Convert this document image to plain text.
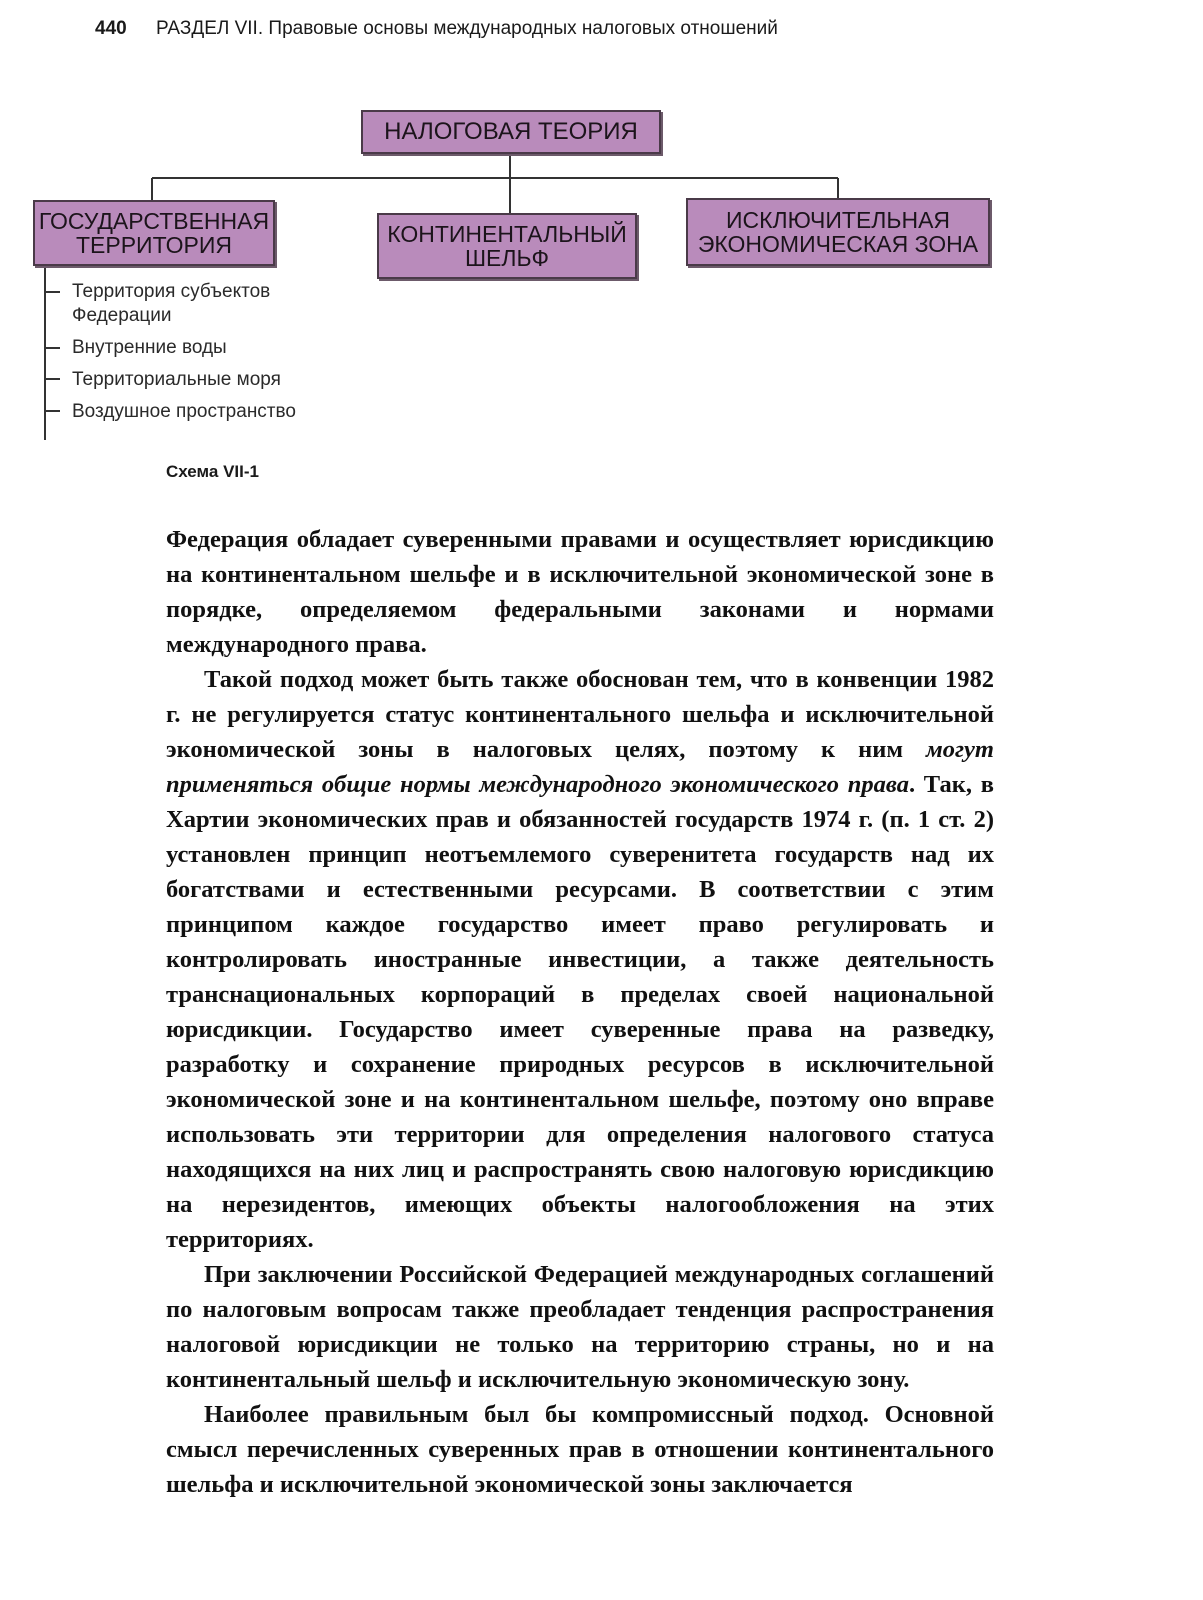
440 РАЗДЕЛ VII. Правовые основы международных налоговых отношений
НАЛОГОВАЯ ТЕОРИЯ
ГОСУДАРСТВЕННАЯ
ТЕРРИТОРИЯ	КОНТИНЕНТАЛЬНЫЙ
ШЕЛЬФ
ИСКЛЮЧИТЕЛЬНАЯ
ЭКОНОМИЧЕСКАЯ ЗОНА
Территория субъектов Федерации
Внутренние воды
Территориальные моря
Воздушное пространство
Схема VII-1

Федерация обладает суверенными правами и осуществляет юрисдикцию на континентальном шельфе и в исключительной экономической зоне в порядке, определяемом федеральными законами и нормами международного права.

Такой подход может быть также обоснован тем, что в конвенции 1982 г. не регулируется статус континентального шельфа и исключительной экономической зоны в налоговых целях, поэтому к ним могут применяться общие нормы международного экономического права. Так, в Хартии экономических прав и обязанностей государств 1974 г. (п. 1 ст. 2) установлен принцип неотъемлемого суверенитета государств над их богатствами и естественными ресурсами. В соответствии с этим принципом каждое государство имеет право регулировать и контролировать иностранные инвестиции, а также деятельность транснациональных корпораций в пределах своей национальной юрисдикции. Государство имеет суверенные права на разведку, разработку и сохранение природных ресурсов в исключительной экономической зоне и на континентальном шельфе, поэтому оно вправе использовать эти территории для определения налогового статуса находящихся на них лиц и распространять свою налоговую юрисдикцию на нерезидентов, имеющих объекты налогообложения на этих территориях.

При заключении Российской Федерацией международных соглашений по налоговым вопросам также преобладает тенденция распространения налоговой юрисдикции не только на территорию страны, но и на континентальный шельф и исключительную экономическую зону.

Наиболее правильным был бы компромиссный подход. Основной смысл перечисленных суверенных прав в отношении континентального шельфа и исключительной экономической зоны заключается
